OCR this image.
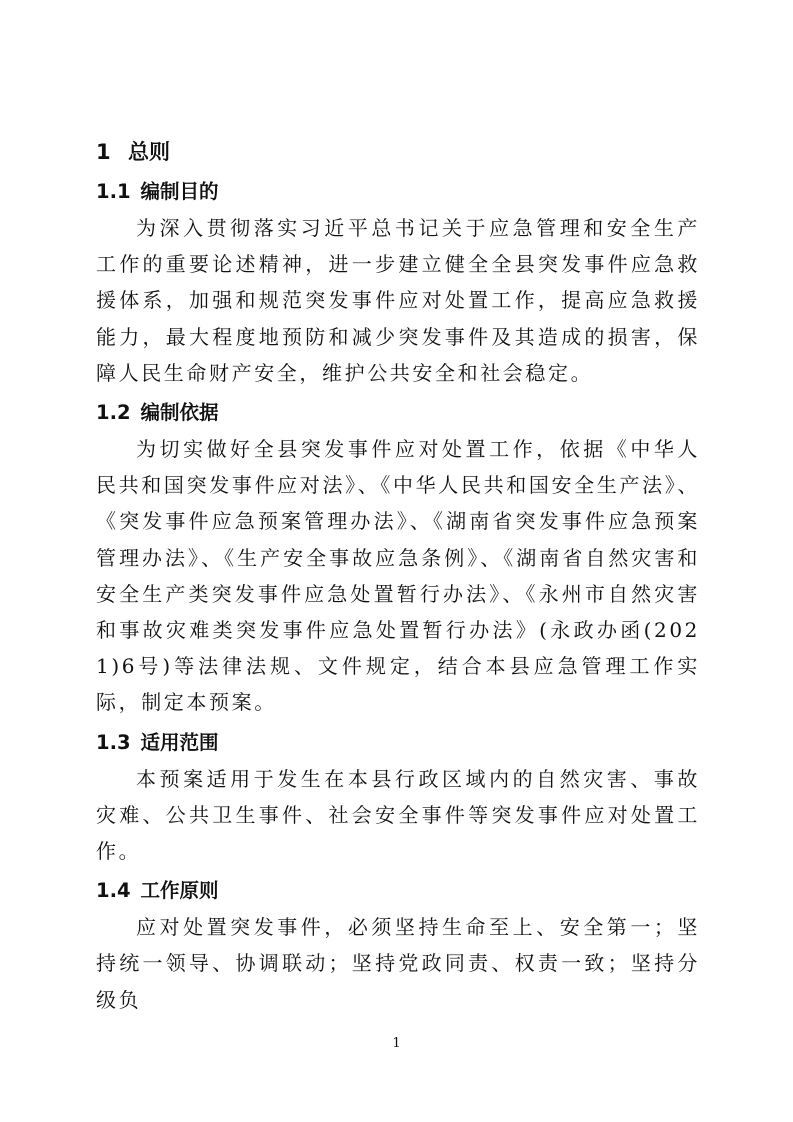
1 总则
1.1 编制目的

为深入贯彻落实习近平总书记关于应急管理和安全生产工作的重要论述精神，进一步建立健全全县突发事件应急救援体系，加强和规范突发事件应对处置工作，提高应急救援能力，最大程度地预防和减少突发事件及其造成的损害，保障人民生命财产安全，维护公共安全和社会稳定。

1.2 编制依据

为切实做好全县突发事件应对处置工作，依据《中华人民共和国突发事件应对法》、《中华人民共和国安全生产法》、《突发事件应急预案管理办法》、《湖南省突发事件应急预案管理办法》、《生产安全事故应急条例》、《湖南省自然灾害和安全生产类突发事件应急处置暂行办法》、《永州市自然灾害和事故灾难类突发事件应急处置暂行办法》(永政办函(2021)6号)等法律法规、文件规定，结合本县应急管理工作实际，制定本预案。

1.3 适用范围

本预案适用于发生在本县行政区域内的自然灾害、事故灾难、公共卫生事件、社会安全事件等突发事件应对处置工作。

1.4 工作原则

应对处置突发事件，必须坚持生命至上、安全第一；坚持统一领导、协调联动；坚持党政同责、权责一致；坚持分级负

1
